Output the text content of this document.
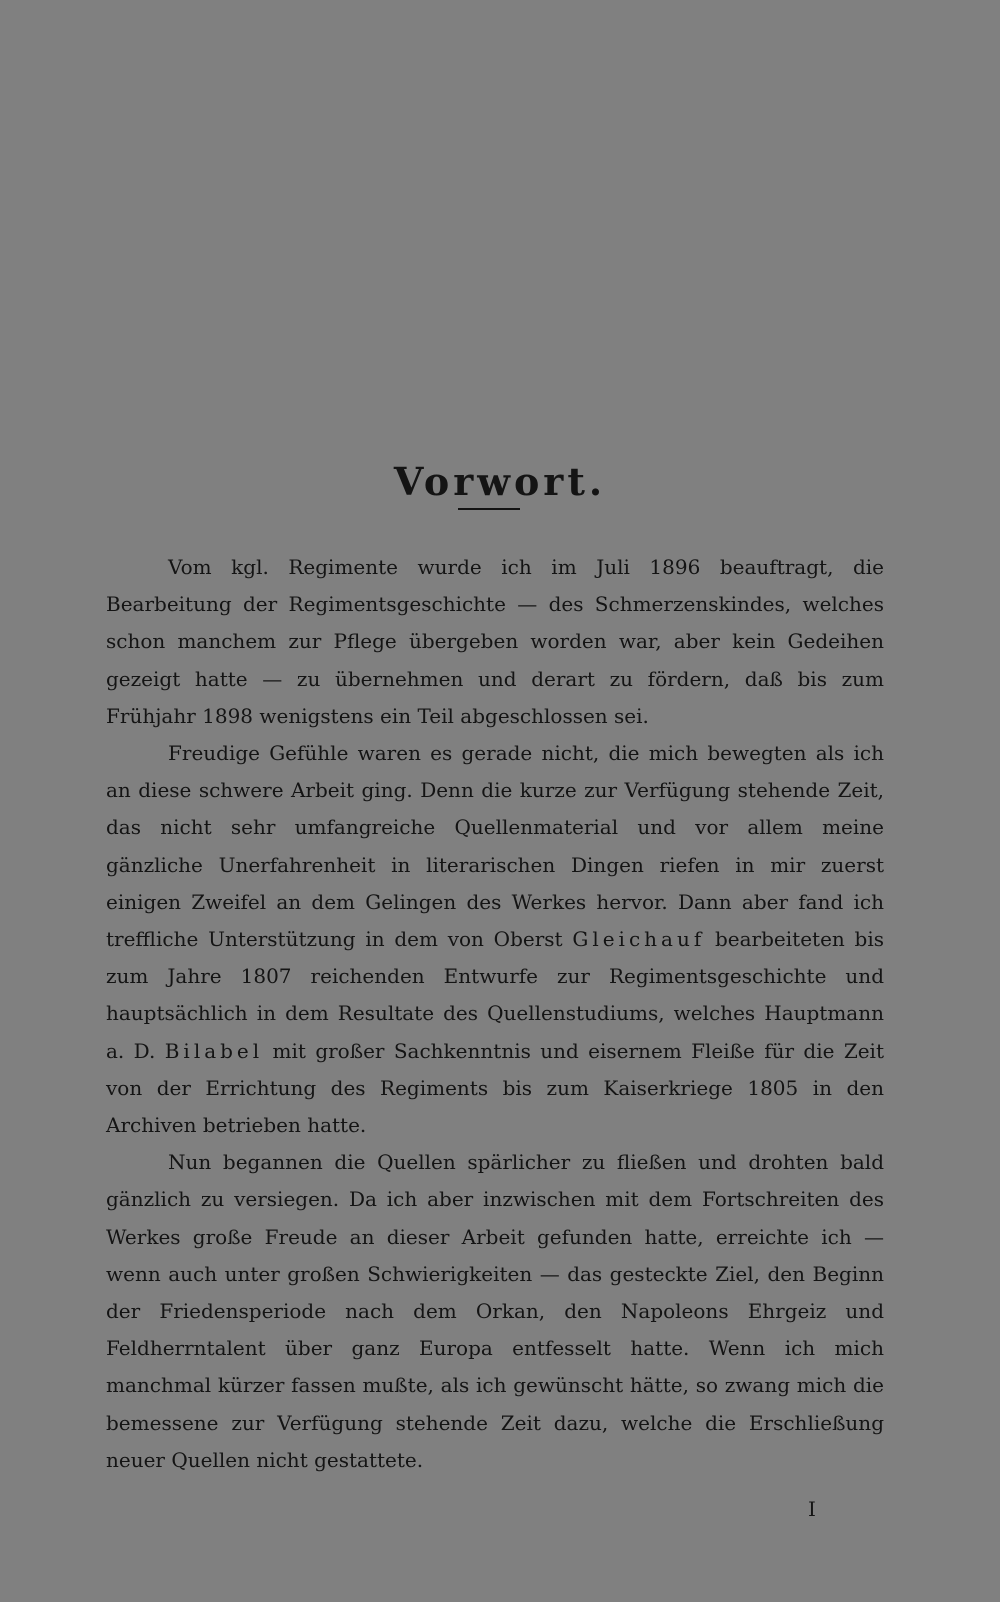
Vorwort.

Vom kgl. Regimente wurde ich im Juli 1896 beauftragt, die Bearbeitung der Regimentsgeschichte — des Schmerzenskindes, welches schon manchem zur Pflege übergeben worden war, aber kein Gedeihen gezeigt hatte — zu übernehmen und derart zu fördern, daß bis zum Frühjahr 1898 wenigstens ein Teil abgeschlossen sei.

Freudige Gefühle waren es gerade nicht, die mich bewegten als ich an diese schwere Arbeit ging. Denn die kurze zur Verfügung stehende Zeit, das nicht sehr umfangreiche Quellenmaterial und vor allem meine gänzliche Unerfahrenheit in literarischen Dingen riefen in mir zuerst einigen Zweifel an dem Gelingen des Werkes hervor. Dann aber fand ich treffliche Unterstützung in dem von Oberst Gleichauf bearbeiteten bis zum Jahre 1807 reichenden Entwurfe zur Regimentsgeschichte und hauptsächlich in dem Resultate des Quellenstudiums, welches Hauptmann a. D. Bilabel mit großer Sachkenntnis und eisernem Fleiße für die Zeit von der Errichtung des Regiments bis zum Kaiserkriege 1805 in den Archiven betrieben hatte.

Nun begannen die Quellen spärlicher zu fließen und drohten bald gänzlich zu versiegen. Da ich aber inzwischen mit dem Fortschreiten des Werkes große Freude an dieser Arbeit gefunden hatte, erreichte ich — wenn auch unter großen Schwierigkeiten — das gesteckte Ziel, den Beginn der Friedensperiode nach dem Orkan, den Napoleons Ehrgeiz und Feldherrntalent über ganz Europa entfesselt hatte. Wenn ich mich manchmal kürzer fassen mußte, als ich gewünscht hätte, so zwang mich die bemessene zur Verfügung stehende Zeit dazu, welche die Erschließung neuer Quellen nicht gestattete.

I
